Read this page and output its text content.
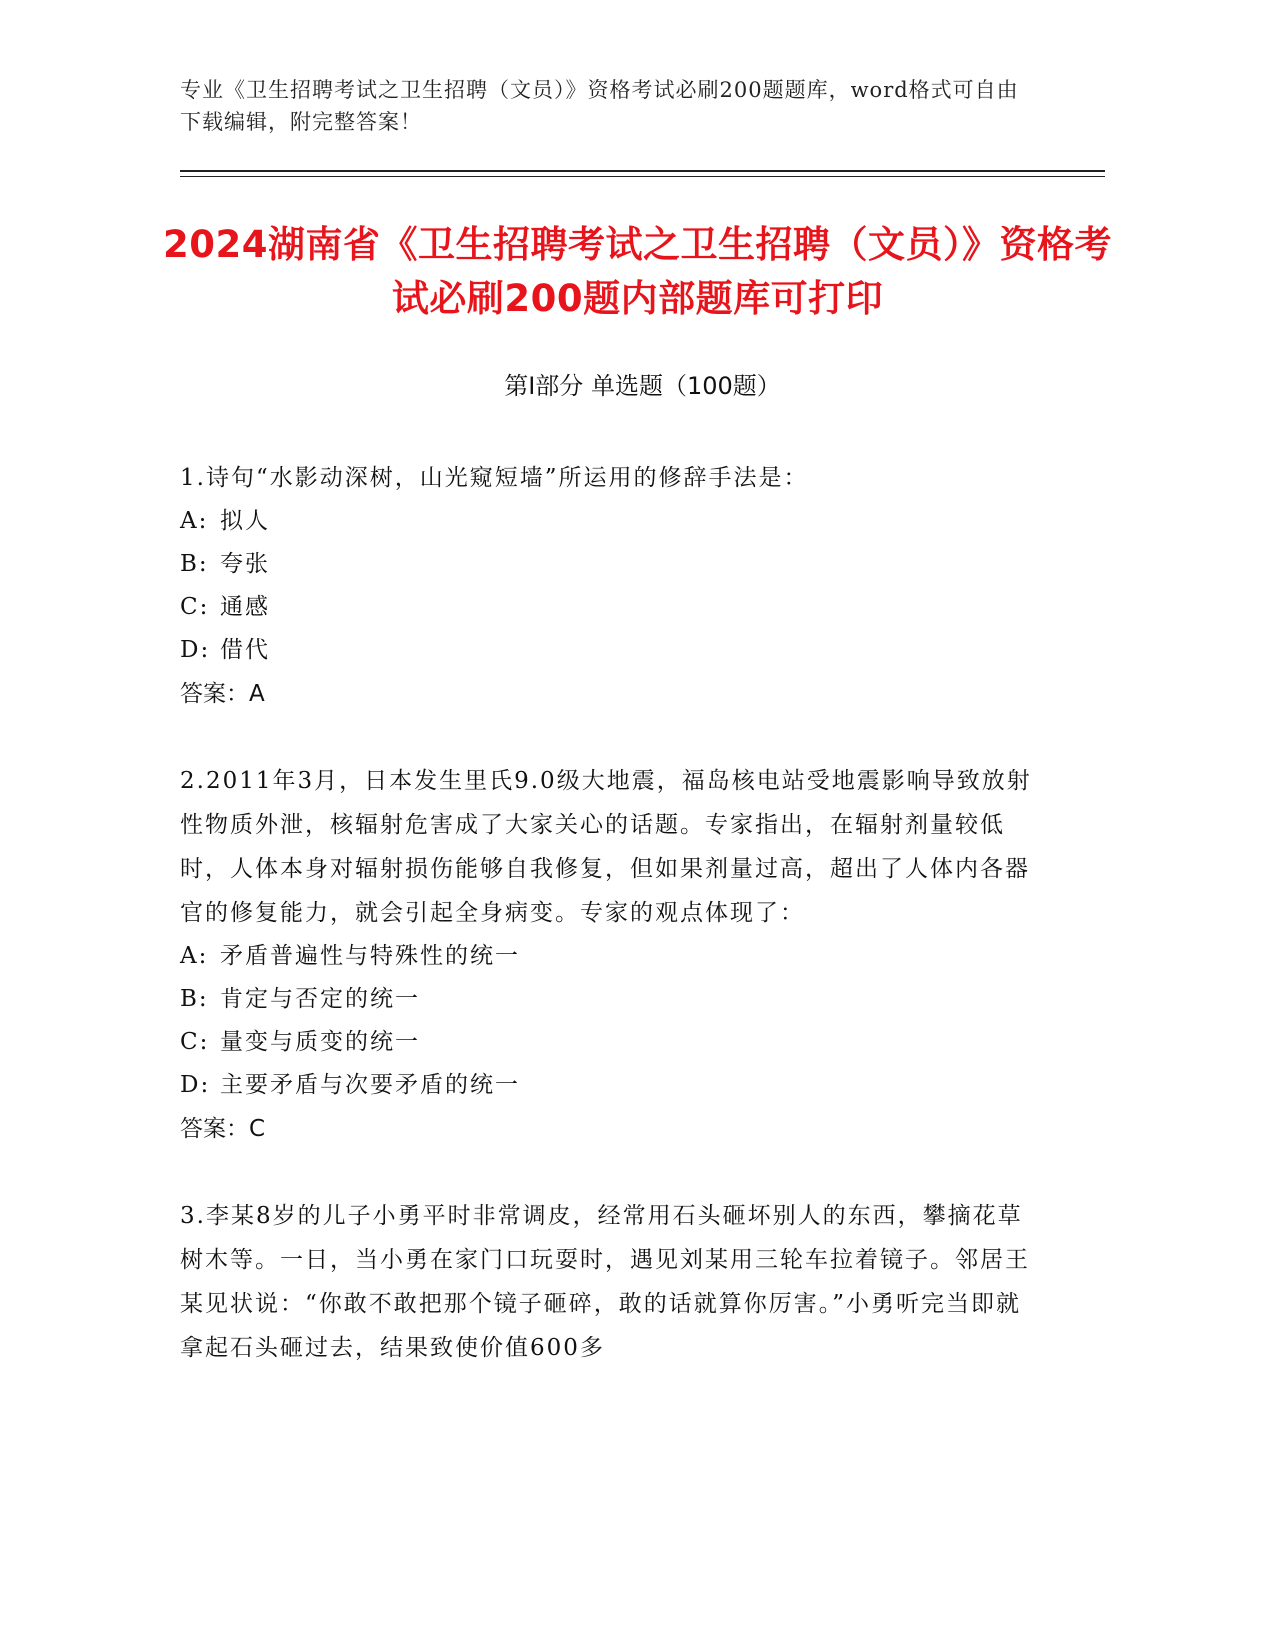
专业《卫生招聘考试之卫生招聘（文员）》资格考试必刷200题题库，word格式可自由下载编辑，附完整答案！
2024湖南省《卫生招聘考试之卫生招聘（文员）》资格考试必刷200题内部题库可打印
第Ⅰ部分 单选题（100题）

1.诗句“水影动深树，山光窥短墙”所运用的修辞手法是：

A: 拟人

B: 夸张

C: 通感

D: 借代

答案：A

2.2011年3月，日本发生里氏9.0级大地震，福岛核电站受地震影响导致放射性物质外泄，核辐射危害成了大家关心的话题。专家指出，在辐射剂量较低时，人体本身对辐射损伤能够自我修复，但如果剂量过高，超出了人体内各器官的修复能力，就会引起全身病变。专家的观点体现了：

A: 矛盾普遍性与特殊性的统一

B: 肯定与否定的统一

C: 量变与质变的统一

D: 主要矛盾与次要矛盾的统一

答案：C

3.李某8岁的儿子小勇平时非常调皮，经常用石头砸坏别人的东西，攀摘花草树木等。一日，当小勇在家门口玩耍时，遇见刘某用三轮车拉着镜子。邻居王某见状说：“你敢不敢把那个镜子砸碎，敢的话就算你厉害。”小勇听完当即就拿起石头砸过去，结果致使价值600多
